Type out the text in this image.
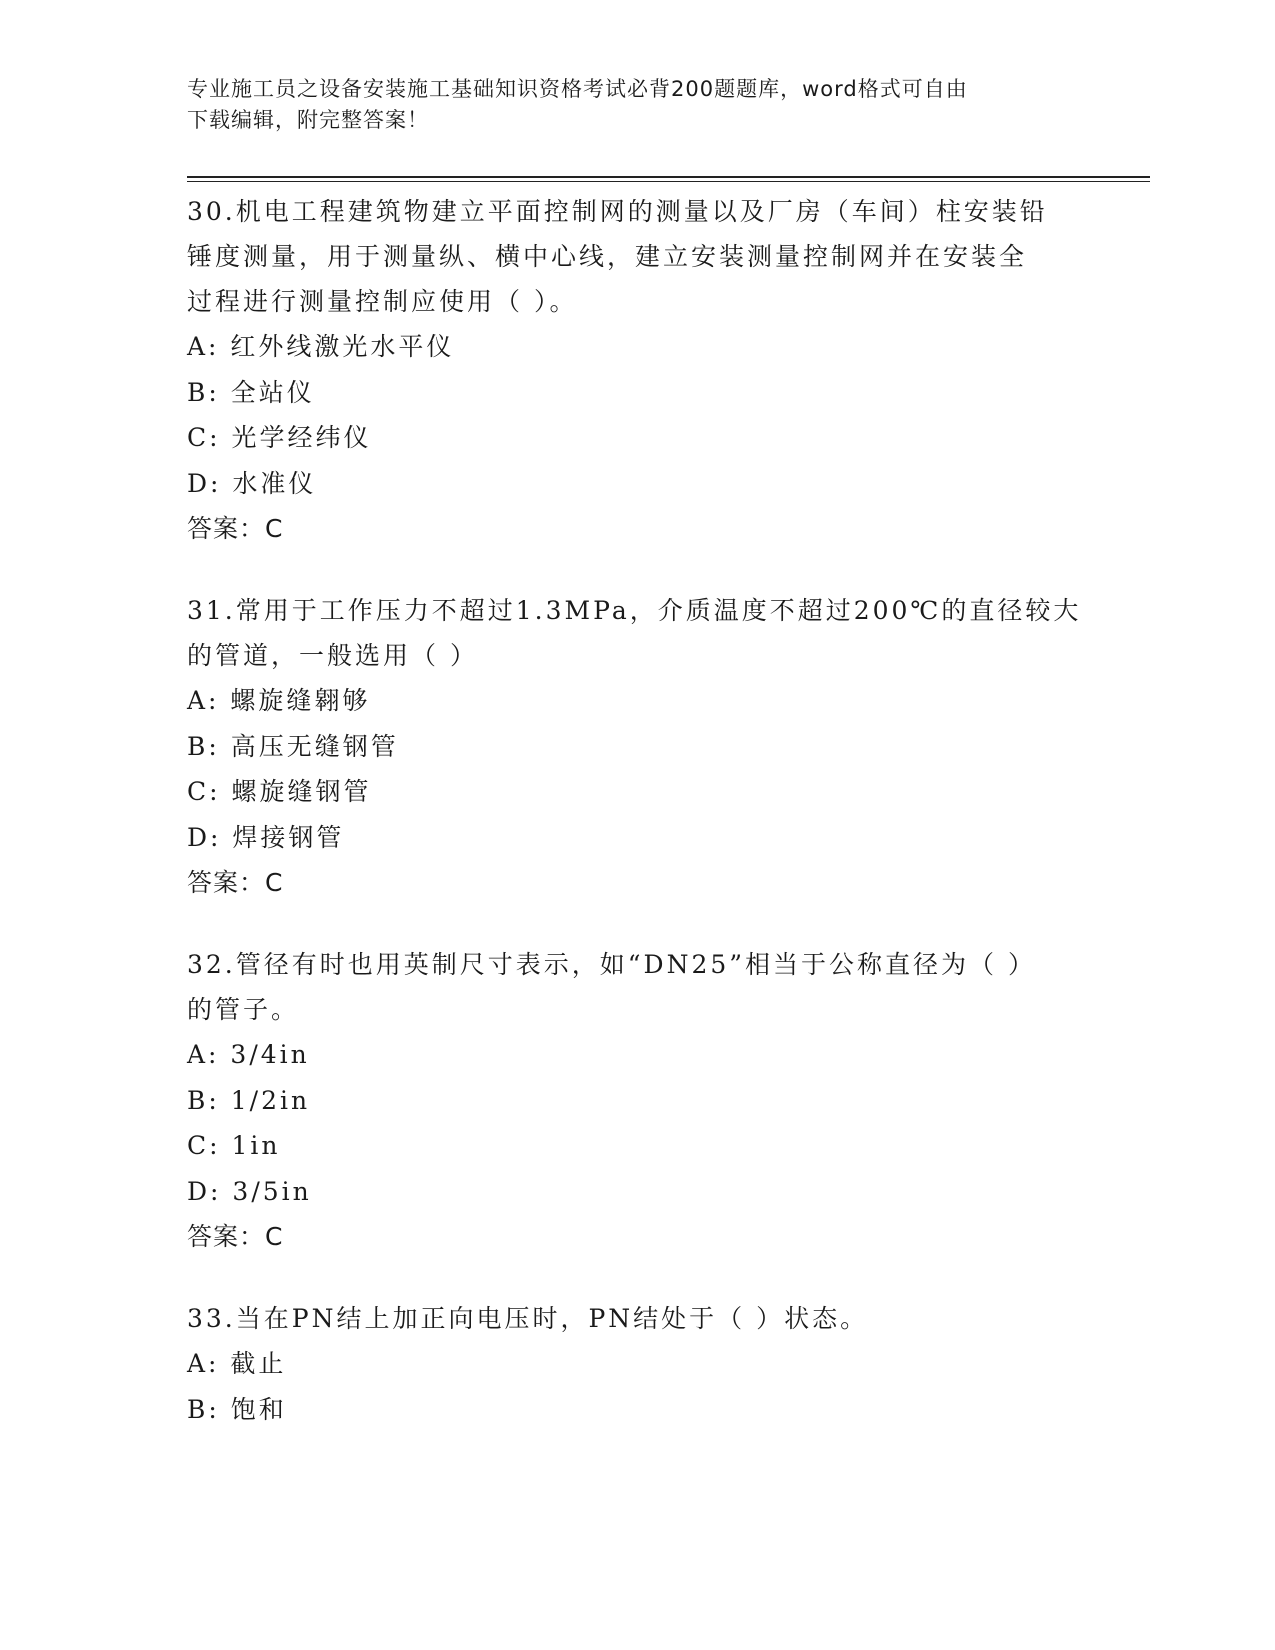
专业施工员之设备安装施工基础知识资格考试必背200题题库，word格式可自由
下载编辑，附完整答案！
30.机电工程建筑物建立平面控制网的测量以及厂房（车间）柱安装铅
锤度测量，用于测量纵、横中心线，建立安装测量控制网并在安装全
过程进行测量控制应使用（ ）。
A: 红外线激光水平仪
B: 全站仪
C: 光学经纬仪
D: 水准仪
答案：C
31.常用于工作压力不超过1.3MPa，介质温度不超过200℃的直径较大
的管道，一般选用（ ）
A: 螺旋缝翱够
B: 高压无缝钢管
C: 螺旋缝钢管
D: 焊接钢管
答案：C
32.管径有时也用英制尺寸表示，如“DN25”相当于公称直径为（ ）
的管子。
A: 3/4in
B: 1/2in
C: 1in
D: 3/5in
答案：C
33.当在PN结上加正向电压时，PN结处于（ ）状态。
A: 截止
B: 饱和
